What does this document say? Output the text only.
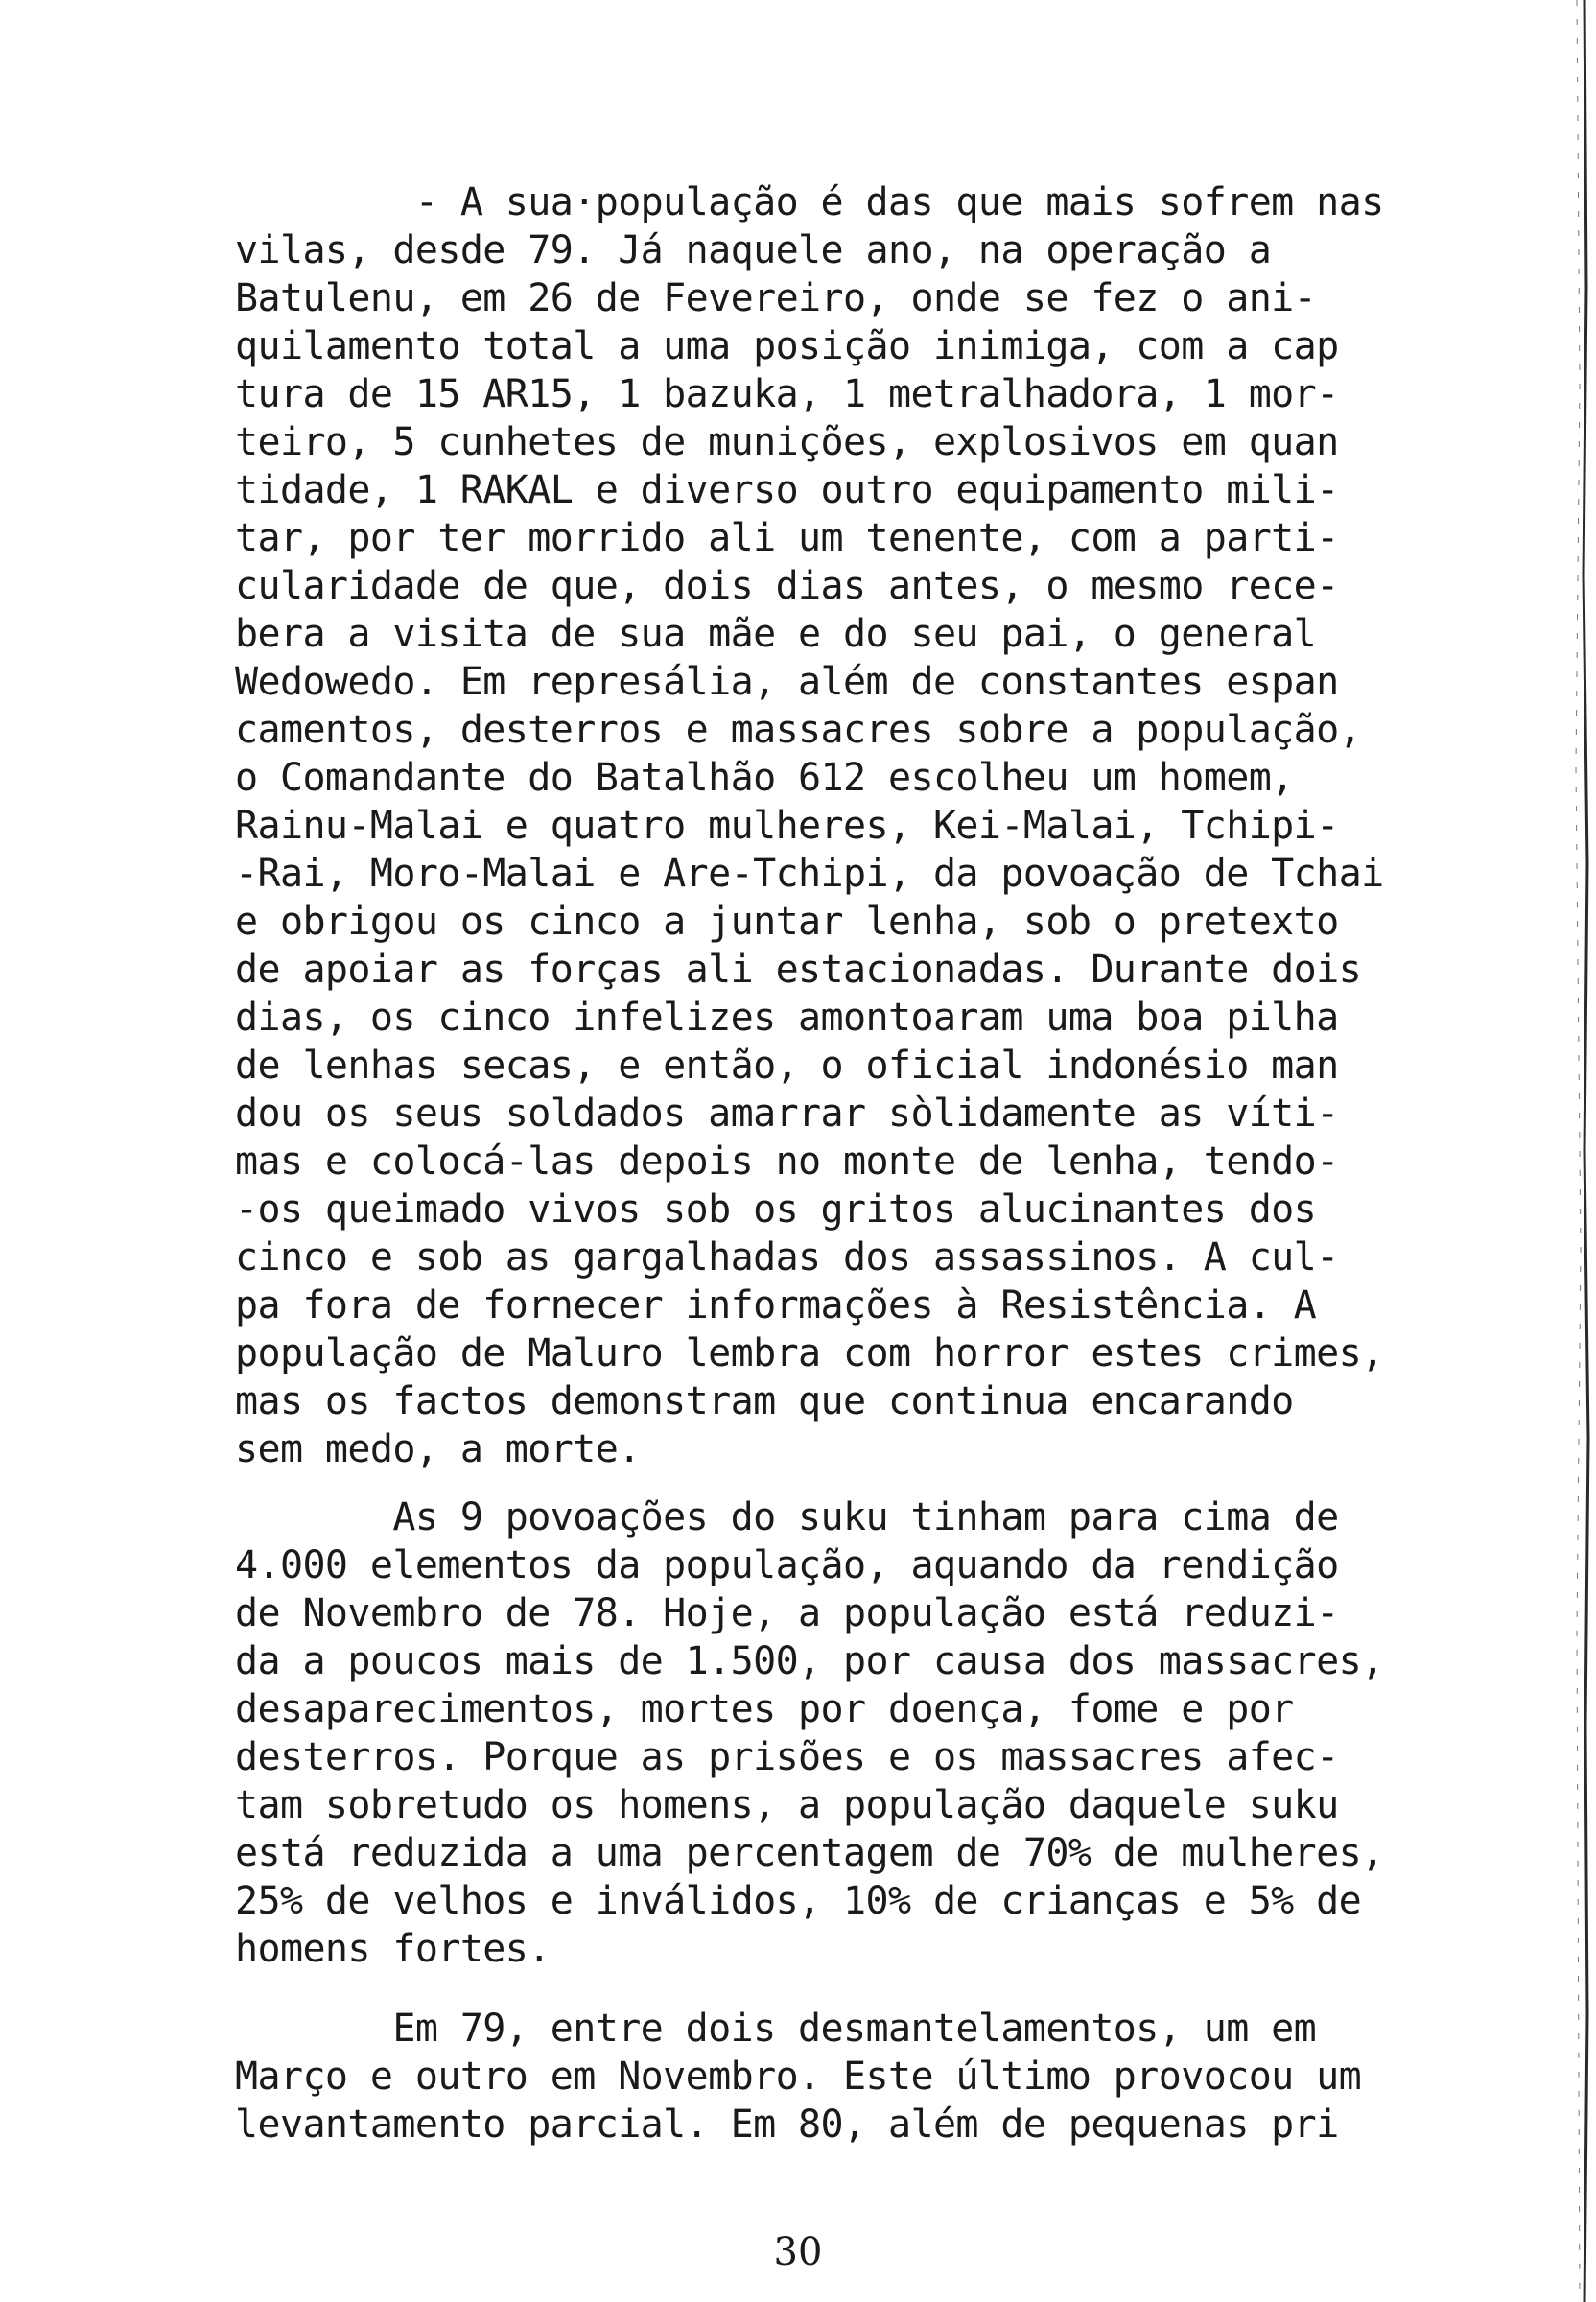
- A sua·população é das que mais sofrem nas
vilas, desde 79. Já naquele ano, na operação a
Batulenu, em 26 de Fevereiro, onde se fez o ani-
quilamento total a uma posição inimiga, com a cap
tura de 15 AR15, 1 bazuka, 1 metralhadora, 1 mor-
teiro, 5 cunhetes de munições, explosivos em quan
tidade, 1 RAKAL e diverso outro equipamento mili-
tar, por ter morrido ali um tenente, com a parti-
cularidade de que, dois dias antes, o mesmo rece-
bera a visita de sua mãe e do seu pai, o general
Wedowedo. Em represália, além de constantes espan
camentos, desterros e massacres sobre a população,
o Comandante do Batalhão 612 escolheu um homem,
Rainu-Malai e quatro mulheres, Kei-Malai, Tchipi-
-Rai, Moro-Malai e Are-Tchipi, da povoação de Tchai
e obrigou os cinco a juntar lenha, sob o pretexto
de apoiar as forças ali estacionadas. Durante dois
dias, os cinco infelizes amontoaram uma boa pilha
de lenhas secas, e então, o oficial indonésio man
dou os seus soldados amarrar sòlidamente as víti-
mas e colocá-las depois no monte de lenha, tendo-
-os queimado vivos sob os gritos alucinantes dos
cinco e sob as gargalhadas dos assassinos. A cul-
pa fora de fornecer informações à Resistência. A
população de Maluro lembra com horror estes crimes,
mas os factos demonstram que continua encarando
sem medo, a morte.
As 9 povoações do suku tinham para cima de
4.000 elementos da população, aquando da rendição
de Novembro de 78. Hoje, a população está reduzi-
da a poucos mais de 1.500, por causa dos massacres,
desaparecimentos, mortes por doença, fome e por
desterros. Porque as prisões e os massacres afec-
tam sobretudo os homens, a população daquele suku
está reduzida a uma percentagem de 70% de mulheres,
25% de velhos e inválidos, 10% de crianças e 5% de
homens fortes.
Em 79, entre dois desmantelamentos, um em
Março e outro em Novembro. Este último provocou um
levantamento parcial. Em 80, além de pequenas pri
30
